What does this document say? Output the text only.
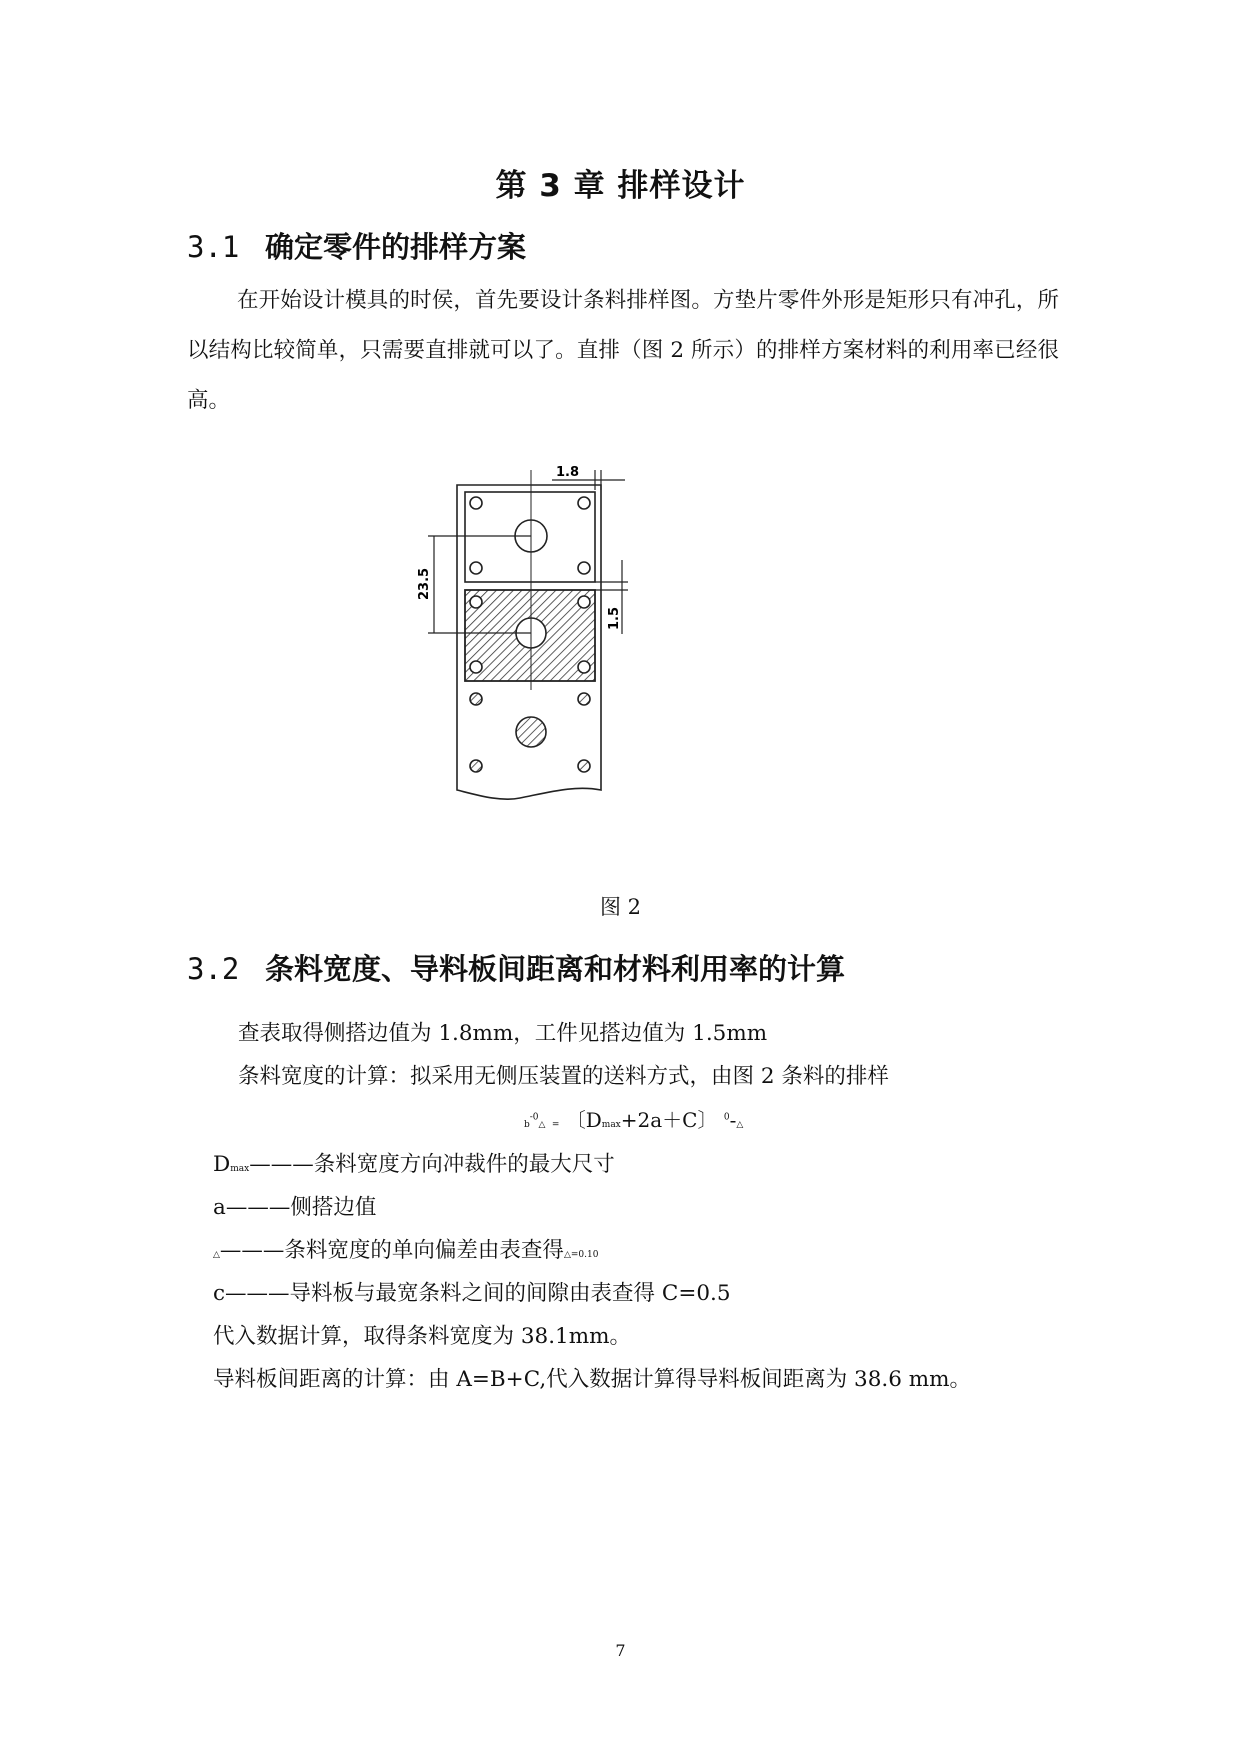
第 3 章 排样设计
3.1 确定零件的排样方案
在开始设计模具的时侯，首先要设计条料排样图。方垫片零件外形是矩形只有冲孔，所以结构比较简单，只需要直排就可以了。直排（图 2 所示）的排样方案材料的利用率已经很高。
1.8
23.5
1.5
图 2
3.2 条料宽度、导料板间距离和材料利用率的计算
查表取得侧搭边值为 1.8mm，工件见搭边值为 1.5mm
条料宽度的计算：拟采用无侧压装置的送料方式，由图 2 条料的排样
$b^{-0}\triangle$ = 〔Dmax+2a＋C〕 $^0$-△
Dmax———条料宽度方向冲裁件的最大尺寸
a———侧搭边值
△———条料宽度的单向偏差由表查得△=0.10
c———导料板与最宽条料之间的间隙由表查得 C=0.5
代入数据计算，取得条料宽度为 38.1mm。
导料板间距离的计算：由 A=B+C,代入数据计算得导料板间距离为 38.6 mm。
7
